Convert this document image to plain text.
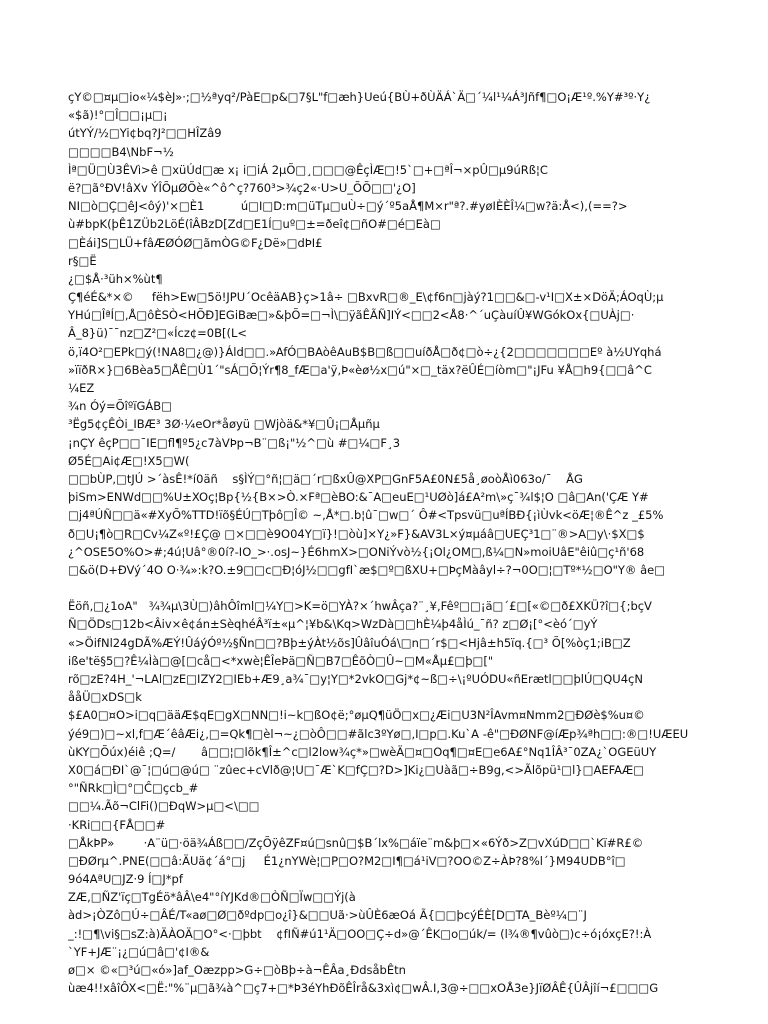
çY©□¤µ□io«¼$èJ»·;□½ªyq²/PàE□p&□7§L"f□æh}Ueú{BÙ+ðÙÄÁ`Ä□´¼l¹¼Á³Jñf¶□O¡Æ¹º.%Y#³º·Y¿
«$ã)!°□Î□□¡µ□¡
útYÝ/½□Yi¢bq?J²□□HÎZâ9
□□□□B4\NbF¬½
Ìª□Ü□Ù3ÊVì>ê □xüÚd□æ x¡ i□iÁ 2µÕ□¸□□□@ÊçÌÆ□!5`□+□ªÎ¬×pÛ□µ9úRß¦C
ë?□ã°ÐV!âXv ÝÎÕµØÕè«^ô^ç?760³>¾ç2«·U>U_ÕÕ□□'¿O]
NI□ò□Ç□êJ<ôý)'×□È1          ú□I□D:m□üTµ□uÙ÷□ý´º5aÅ¶M×r"ª?.#yøIÈÈÎ¼□w?ä:Å<),(==?>
ù#bpK(þÊ1ZÜb2LöÉ(îÂBzD[Zd□E1Í□uº□±=ðeî¢□ñO#□é□Eà□
□Èái]S□LÜ+fâÆØÓØ□ãmÒG©F¿Dë»□dÞI£
r§□Ë
¿□$Å·³üh×%ùt¶
Ç¶éÉ&*×©     fëh>Ew□5ö!JPU´OcêäAB}ç>1â÷ □BxvR□®_E\¢f6n□jàý?1□□&□-v¹I□X±×DöÄ;ÁOqÙ;µ
YHú□ÎªÍ□,Å□ôÈSÒ<HÕÐ]EGiBæ□»&þÕ=□¬Ì\□ÿãÊÃÑ]IÝ<□□2<Å8·^´uÇàuíÛ¥WGókOx{□UÀj□·
Â_8}ü)¯¯nz□Z²□«Ícz¢=0B[(L<
ö,ï4O²□EPk□ý(!NA8□¿@)}Áld□□.»AfÓ□BAòêAuB$B□ß□□uíðÅ□ð¢□ò÷¿{2□□□□□□□Eº à½UYqhá
»ïïðR×}□6Bèa5□ÅÊ□Ù1´"sÁ□Õ¦Ýr¶8_fÆ□a'ÿ,Þ«èø½x□ú"×□_täx?ëÛÉ□íòm□"¡JFu ¥Å□h9{□□â^C
¼EZ
¾n Óý=ÕîºïGÁB□
³Ëg5¢çÊÒi_IBÆ³ 3Ø·¼eOr*åøyü □Wjòä&*¥□Û¡□Åµñµ
¡nÇY êçP□□¯IE□fl¶º5¿c7àVÞp¬B¨□ß¡"½^□ù #□¼□F¸3
Ø5É□Ai¢Æ□!X5□W(
□□bÙP,□tJÚ >´àsÊ!*í0äñ    s§ÌÝ□°ñ¦□ä□´r□ßxÛ@XP□GnF5A£0N£5å¸øoòÅì063o/¯    ÅG
þiSm>ENWd□□%U±XOç¦Bp{½{B×>Ò.×Fª□èBO:&¯A□euE□¹UØò]á£A²m\»ç¯¾l$¦O □â□An('ÇÆ Y#
□j4ªÚÑ□□ä«#XyÕ%TTD!ïõ§ÉÚ□Tþô□Î© ~,Å*□.b¦û¯□w□´ Ô#<Tpsvü□uªÍBÐ{¡ìÙvk<öÆ¦®Ê^z _£5%
ð□U¡¶ò□R□Cv¼Z«º!£Ç@ □×□□è9O04Y□ï}!□òù]×Y¿»F}&AV3L×ý¤µáâ□UEÇ³1□¨®>A□y\·$X□$
¿^OSE5O%O>#;4ú¦Uâ°®0í?-IO_>·.osJ~}É6hmX>□ONiÝvò½{¡Ol¿OM□,ß¼□N»moiUâE"êiû□ç¹ñ'68
□&ö(D+ÐVý´4O O·¾»:k?O.±9□□c□Ð¦óJ½□□gfI`æ$□º□ßXU+□ÞçMàâyl÷?¬0O□¦□Tº*½□O"Y® âe□
Ëöñ,□¿1oA"   ¾¾µ\3Ù□)âhÔîml□¼Y□>K=ö□YÀ?×´hwÂça?¨¸¥,Fêº□□¡ä□´£□[«©□ð£XKÜ?î□{;bçV
Ñ□ÖDs□12b<Âiv×ê¢án±SèqhéÂ³ï±«µ^¦¥b&\Kq>WzDà□□hÈ¼þ4åÌú_¯ñ? z□Ø¡[°<èó´□yÝ
«>ÖifNl24gDÃ%ÆÝ!ÛáýÓº½§Ñn□□?Bþ±ýÀt½õs]ÛâîuÓá\□n□´r$□<Hjâ±h5ïq.{□³ Õ[%òç1;iB□Z
iße'të§5□?Ê¼Ìà□@[□cå□<*xwè¦ÊÎeÞä□Ñ□B7□ÊõÒ□Û~□M«Åµ£□þ□["
rõ□zE?4H_'¬LAl□zE□IZY2□IEb+Æ9¸a¾¯□y¦Y□*2vkO□Gj*¢~ß□÷\¡ºUÓDU«ñErætl□□þlÚ□QU4çN
ååÜ□xDS□k
$£A0□¤O>i□q□ääÆ$qE□gX□NN□!i~k□ßO¢ë;°øµQ¶üÖ□x□¿Æi□U3N²ÎAvm¤Nmm2□ÐØè$%u¤©
ýé9□)□~xl,f□Æ´êâÆi¿,□=Qk¶□èl¬~¿□òÔ□□#ãlc3ºYø□,I□p□.Ku`A -ê"□ÐØNF@íÆp¾ªh□□:®□!UÆEU
ùKY□Õúx)éiê ;Q=/       â□□¦□lõk¶Î±^c□l2low¾ç*»□wèÄ□¤□Oq¶□¤E□e6A£°Nq1ÎÂ³¯0ZA¿`OGEüUY
X0□á□ÐI`@¯¦□ú□@ú□ ¨zûec+cVlð@¦U□¯Æ`K□fÇ□?D>]Ki¿□Uàã□÷B9g,<>Ãlõpü¹□l}□AEFAÆ□
°"ÑRk□Ì□°□Ĉ□çcb_#
□□¼.Ãõ¬ClFi()□ÐqW>µ□<\□□
·KRi□□{FÅ□□#
□ÅkÞP»        ·A¨ü□·öä¾Áß□□/ZçÕÿêZF¤ú□snû□$B´lx%□áïe¨m&þ□×«6Ýð>Z□vXúD□□`Kï#R£©
□ÐØrµ^.PNE(□□â:ÄUä¢´á°□j     É1¿nYWè¦□P□O?M2□I¶□á¹iV□?OO©Z÷ÀÞ?8%l´}M94UDB°î□
9ó4AªU□JZ·9 Í□J*pf
ZÆ,□ÑZ'ïç□TgÉö*âÂ\e4"°íYJKd®□ÒÑ□Ïw□□Ýj(à
àd>¡ÒZô□Ú÷□ÂÉ/T«aø□Ø□ðºdp□o¿î}&□□Uã·>ùÛÈ6æOá Ã{□□þcýÉÈ[D□TA_Bèº¼□¨J
_:!□¶\vi§□sZ:à)ÄÀOÄ□O°<·□þbt    ¢fIÑ#ú1¹Ä□OO□Ç÷d»@´ÊK□o□úk/= (l¾®¶vûò□)c÷ó¡óxçE?!:À
`YF+JÆ¨¡¿□ú□â□'¢I®&
ø□× ©«□³ú□«ó»]af_Oæzpp>G÷□òBþ÷à¬ÊÂa¸ÐdsåbÊtn
ùæ4!!xâîÔX<□Ë:"%¨µ□ã¾à^□ç7+□*Þ3éYhÐõÊÎrå&3xì¢□wÂ.I,3@÷□□xOÅ3e}JïØÂÊ{ÛÂjîí¬£□□□G
